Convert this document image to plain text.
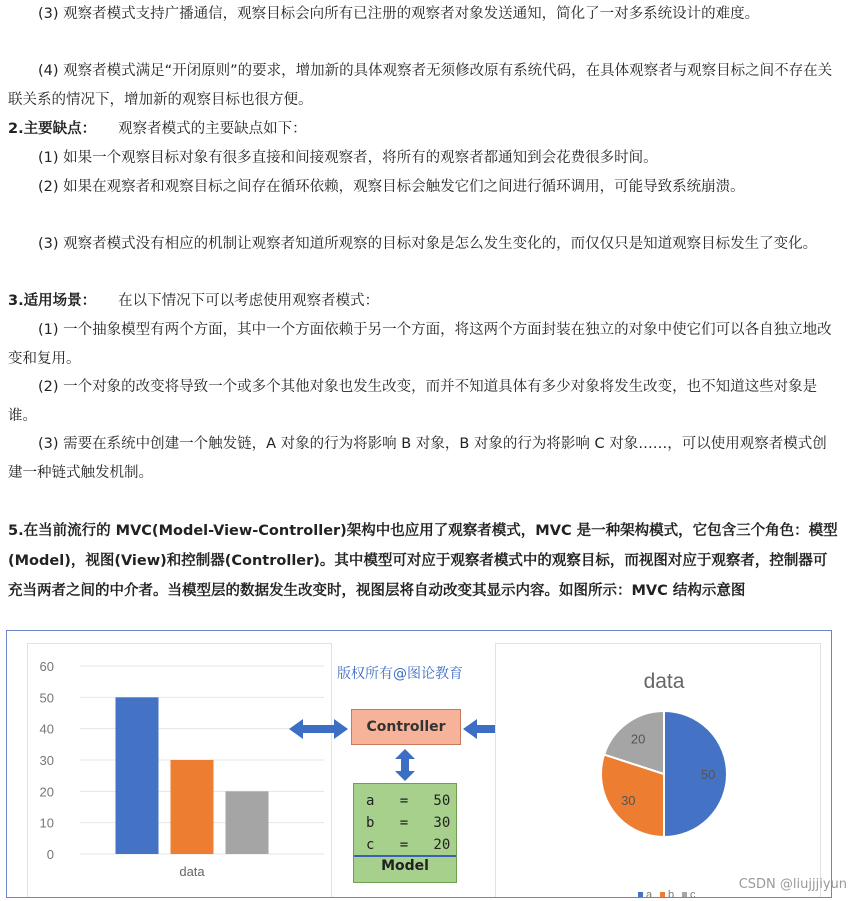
(3) 观察者模式支持广播通信，观察目标会向所有已注册的观察者对象发送通知，简化了一对多系统设计的难度。

(4) 观察者模式满足“开闭原则”的要求，增加新的具体观察者无须修改原有系统代码，在具体观察者与观察目标之间不存在关联关系的情况下，增加新的观察目标也很方便。

2.主要缺点： 观察者模式的主要缺点如下：

(1) 如果一个观察目标对象有很多直接和间接观察者，将所有的观察者都通知到会花费很多时间。

(2) 如果在观察者和观察目标之间存在循环依赖，观察目标会触发它们之间进行循环调用，可能导致系统崩溃。

(3) 观察者模式没有相应的机制让观察者知道所观察的目标对象是怎么发生变化的，而仅仅只是知道观察目标发生了变化。

3.适用场景： 在以下情况下可以考虑使用观察者模式：

(1) 一个抽象模型有两个方面，其中一个方面依赖于另一个方面，将这两个方面封装在独立的对象中使它们可以各自独立地改变和复用。

(2) 一个对象的改变将导致一个或多个其他对象也发生改变，而并不知道具体有多少对象将发生改变，也不知道这些对象是谁。

(3) 需要在系统中创建一个触发链，A 对象的行为将影响 B 对象，B 对象的行为将影响 C 对象……，可以使用观察者模式创建一种链式触发机制。

5.在当前流行的 MVC(Model-View-Controller)架构中也应用了观察者模式，MVC 是一种架构模式，它包含三个角色：模型(Model)，视图(View)和控制器(Controller)。其中模型可对应于观察者模式中的观察目标，而视图对应于观察者，控制器可充当两者之间的中介者。当模型层的数据发生改变时，视图层将自动改变其显示内容。如图所示：MVC 结构示意图

0
10
20
30
40
50
60
data
版权所有@图论教育
Controller
a   =   50
b   =   30
c   =   20
Model
data
50
30
20
a b c
CSDN @liujjjiyun
